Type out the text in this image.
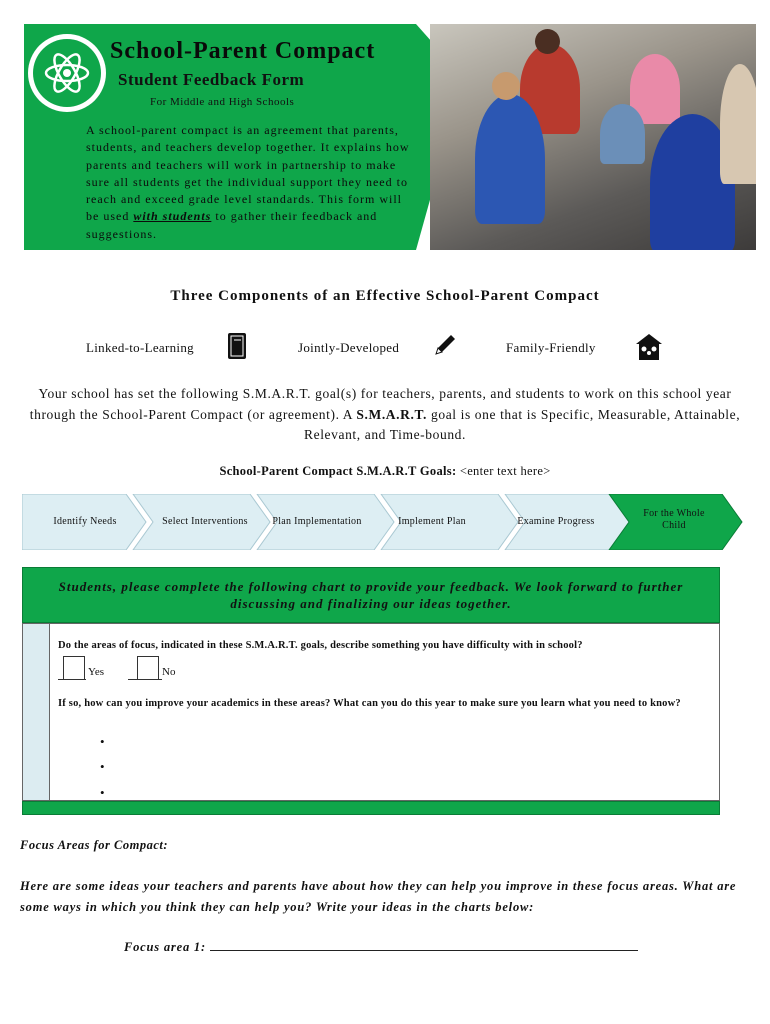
School-Parent Compact
Student Feedback Form
For Middle and High Schools
A school-parent compact is an agreement that parents, students, and teachers develop together. It explains how parents and teachers will work in partnership to make sure all students get the individual support they need to reach and exceed grade level standards. This form will be used with students to gather their feedback and suggestions.
Three Components of an Effective School-Parent Compact
Linked-to-Learning	Jointly-Developed	Family-Friendly
Your school has set the following S.M.A.R.T. goal(s) for teachers, parents, and students to work on this school year through the School-Parent Compact (or agreement). A S.M.A.R.T. goal is one that is Specific, Measurable, Attainable, Relevant, and Time-bound.
School-Parent Compact S.M.A.R.T Goals: <enter text here>
Identify Needs	Select Interventions Plan Implementation	Implement Plan	Examine Progress
For the Whole Child
Students, please complete the following chart to provide your feedback. We look forward to further discussing and finalizing our ideas together.
Do the areas of focus, indicated in these S.M.A.R.T. goals, describe something you have difficulty with in school?
Yes	No
If so, how can you improve your academics in these areas? What can you do this year to make sure you learn what you need to know?
•
•
•
Focus Areas for Compact:
Here are some ideas your teachers and parents have about how they can help you improve in these focus areas. What are some ways in which you think they can help you? Write your ideas in the charts below:
Focus area 1:
